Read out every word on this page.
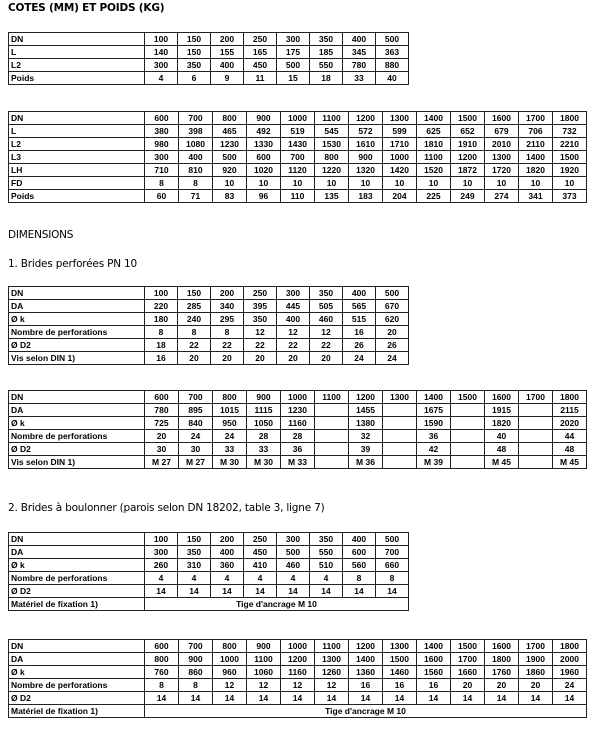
COTES (MM) ET POIDS (KG)
DN	100	150	200	250	300	350	400	500
L	140	150	155	165	175	185	345	363
L2	300	350	400	450	500	550	780	880
Poids	4	6	9	11	15	18	33	40
DN	600	700	800	900	1000	1100	1200	1300	1400	1500	1600	1700	1800
L	380	398	465	492	519	545	572	599	625	652	679	706	732
L2	980	1080	1230	1330	1430	1530	1610	1710	1810	1910	2010	2110	2210
L3	300	400	500	600	700	800	900	1000	1100	1200	1300	1400	1500
LH	710	810	920	1020	1120	1220	1320	1420	1520	1872	1720	1820	1920
FD	8	8	10	10	10	10	10	10	10	10	10	10	10
Poids	60	71	83	96	110	135	183	204	225	249	274	341	373
DIMENSIONS
1. Brides perforées PN 10
DN	100	150	200	250	300	350	400	500
DA	220	285	340	395	445	505	565	670
Ø k	180	240	295	350	400	460	515	620
Nombre de perforations	8	8	8	12	12	12	16	20
Ø D2	18	22	22	22	22	22	26	26
Vis selon DIN 1)	16	20	20	20	20	20	24	24
DN	600	700	800	900	1000	1100	1200	1300	1400	1500	1600	1700	1800
DA	780	895	1015	1115	1230		1455		1675		1915		2115
Ø k	725	840	950	1050	1160		1380		1590		1820		2020
Nombre de perforations	20	24	24	28	28		32		36		40		44
Ø D2	30	30	33	33	36		39		42		48		48
Vis selon DIN 1)	M 27	M 27	M 30	M 30	M 33		M 36		M 39		M 45		M 45
2. Brides à boulonner (parois selon DN 18202, table 3, ligne 7)
DN	100	150	200	250	300	350	400	500
DA	300	350	400	450	500	550	600	700
Ø k	260	310	360	410	460	510	560	660
Nombre de perforations	4	4	4	4	4	4	8	8
Ø D2	14	14	14	14	14	14	14	14
Matériel de fixation 1)	Tige d'ancrage M 10							
DN	600	700	800	900	1000	1100	1200	1300	1400	1500	1600	1700	1800
DA	800	900	1000	1100	1200	1300	1400	1500	1600	1700	1800	1900	2000
Ø k	760	860	960	1060	1160	1260	1360	1460	1560	1660	1760	1860	1960
Nombre de perforations	8	8	12	12	12	12	16	16	16	20	20	20	24
Ø D2	14	14	14	14	14	14	14	14	14	14	14	14	14
Matériel de fixation 1)	Tige d'ancrage M 10												
